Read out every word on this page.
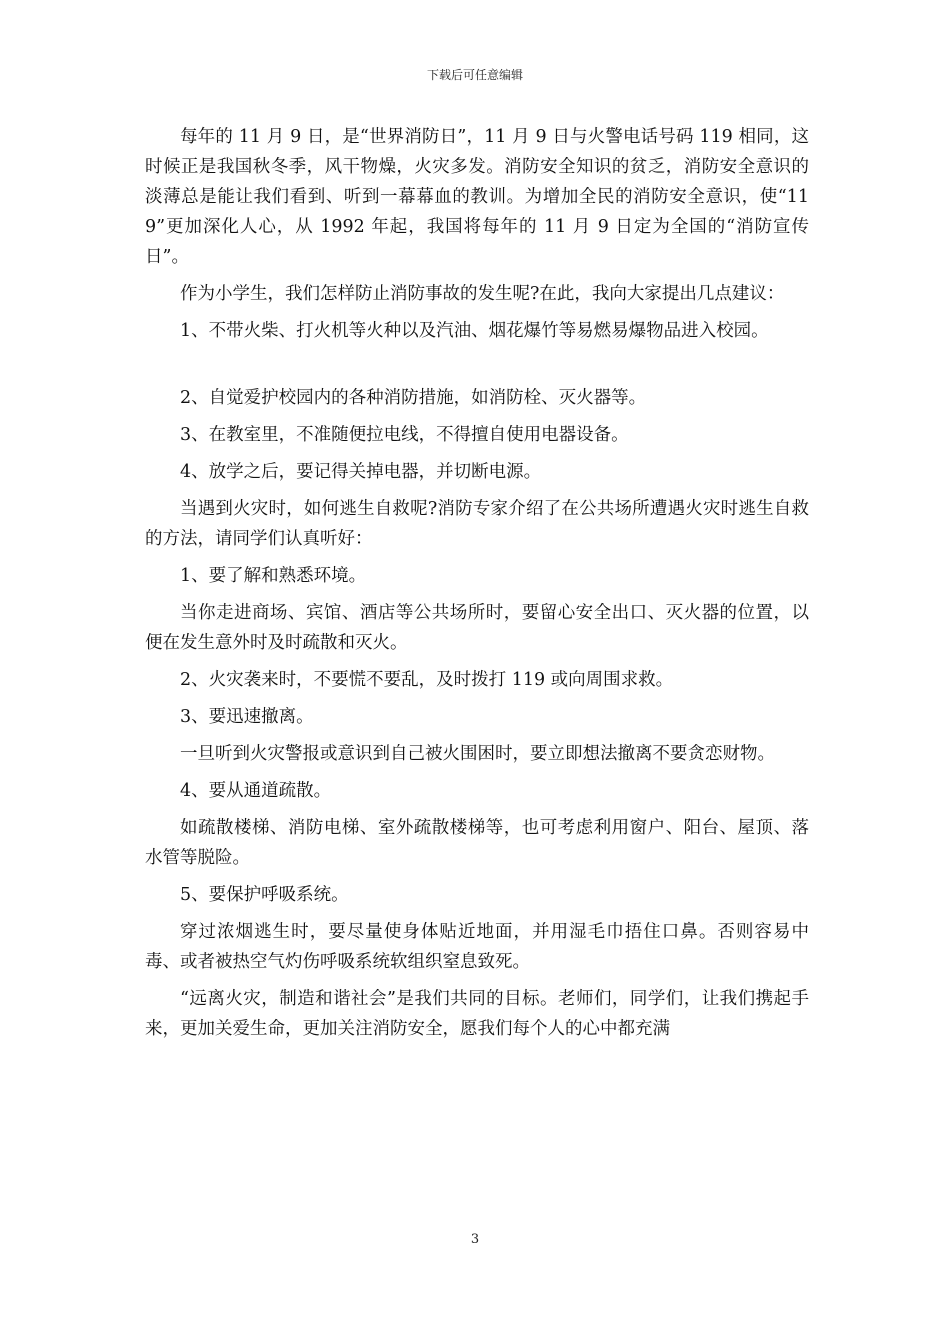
下载后可任意编辑

每年的 11 月 9 日，是“世界消防日”，11 月 9 日与火警电话号码 119 相同，这时候正是我国秋冬季，风干物燥，火灾多发。消防安全知识的贫乏，消防安全意识的淡薄总是能让我们看到、听到一幕幕血的教训。为增加全民的消防安全意识，使“119”更加深化人心，从 1992 年起，我国将每年的 11 月 9 日定为全国的“消防宣传日”。

作为小学生，我们怎样防止消防事故的发生呢?在此，我向大家提出几点建议：

1、不带火柴、打火机等火种以及汽油、烟花爆竹等易燃易爆物品进入校园。

2、自觉爱护校园内的各种消防措施，如消防栓、灭火器等。

3、在教室里，不准随便拉电线，不得擅自使用电器设备。

4、放学之后，要记得关掉电器，并切断电源。

当遇到火灾时，如何逃生自救呢?消防专家介绍了在公共场所遭遇火灾时逃生自救的方法，请同学们认真听好：

1、要了解和熟悉环境。

当你走进商场、宾馆、酒店等公共场所时，要留心安全出口、灭火器的位置，以便在发生意外时及时疏散和灭火。

2、火灾袭来时，不要慌不要乱，及时拨打 119 或向周围求救。

3、要迅速撤离。

一旦听到火灾警报或意识到自己被火围困时，要立即想法撤离不要贪恋财物。

4、要从通道疏散。

如疏散楼梯、消防电梯、室外疏散楼梯等，也可考虑利用窗户、阳台、屋顶、落水管等脱险。

5、要保护呼吸系统。

穿过浓烟逃生时，要尽量使身体贴近地面，并用湿毛巾捂住口鼻。否则容易中毒、或者被热空气灼伤呼吸系统软组织窒息致死。

“远离火灾，制造和谐社会”是我们共同的目标。老师们，同学们，让我们携起手来，更加关爱生命，更加关注消防安全，愿我们每个人的心中都充满

3
